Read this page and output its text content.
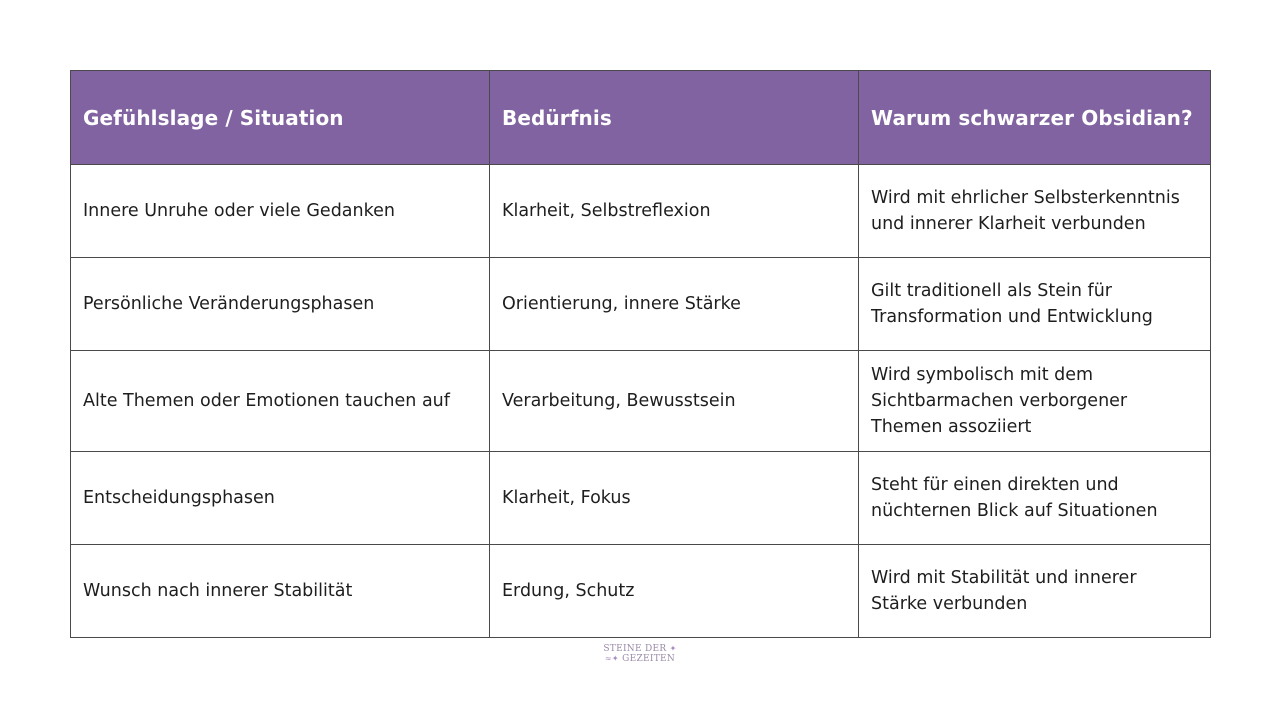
Gefühlslage / Situation	Bedürfnis	Warum schwarzer Obsidian?
Innere Unruhe oder viele Gedanken	Klarheit, Selbstreflexion	Wird mit ehrlicher Selbsterkenntnis und innerer Klarheit verbunden
Persönliche Veränderungsphasen	Orientierung, innere Stärke	Gilt traditionell als Stein für Transformation und Entwicklung
Alte Themen oder Emotionen tauchen auf	Verarbeitung, Bewusstsein	Wird symbolisch mit dem Sichtbarmachen verborgener Themen assoziiert
Entscheidungsphasen	Klarheit, Fokus	Steht für einen direkten und nüchternen Blick auf Situationen
Wunsch nach innerer Stabilität	Erdung, Schutz	Wird mit Stabilität und innerer Stärke verbunden
STEINE DER ✦
≈✦ GEZEITEN
